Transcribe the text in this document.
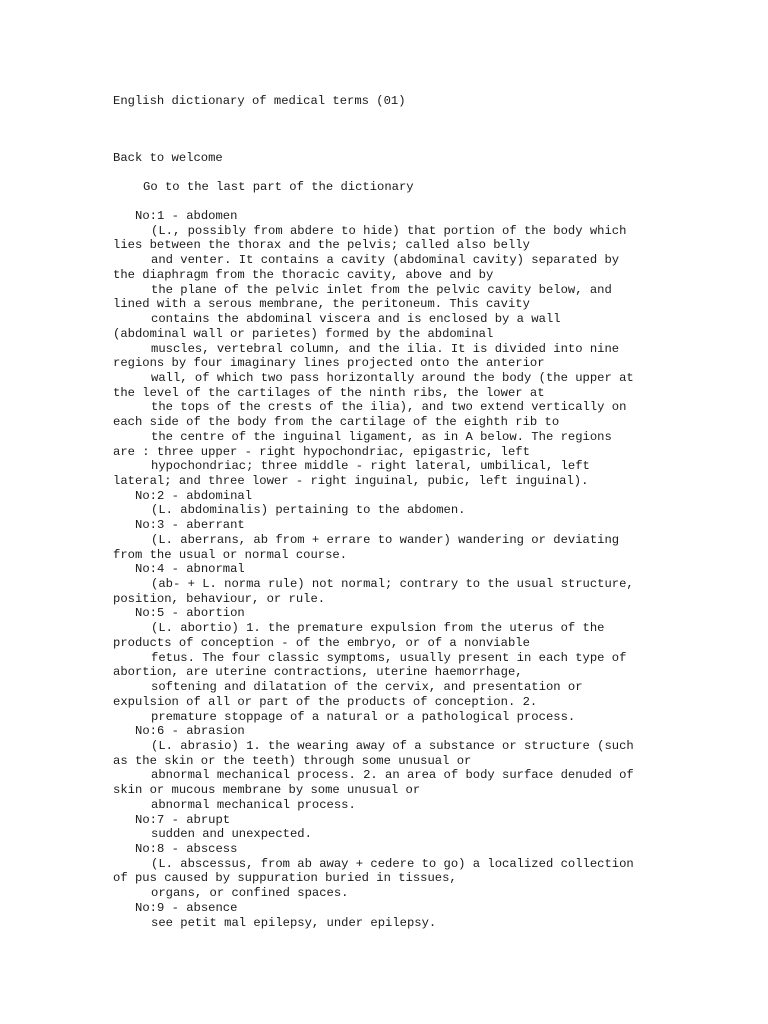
English dictionary of medical terms (01)
Back to welcome
Go to the last part of the dictionary
No:1 - abdomen
(L., possibly from abdere to hide) that portion of the body which
lies between the thorax and the pelvis; called also belly
and venter. It contains a cavity (abdominal cavity) separated by
the diaphragm from the thoracic cavity, above and by
the plane of the pelvic inlet from the pelvic cavity below, and
lined with a serous membrane, the peritoneum. This cavity
contains the abdominal viscera and is enclosed by a wall
(abdominal wall or parietes) formed by the abdominal
muscles, vertebral column, and the ilia. It is divided into nine
regions by four imaginary lines projected onto the anterior
wall, of which two pass horizontally around the body (the upper at
the level of the cartilages of the ninth ribs, the lower at
the tops of the crests of the ilia), and two extend vertically on
each side of the body from the cartilage of the eighth rib to
the centre of the inguinal ligament, as in A below. The regions
are : three upper - right hypochondriac, epigastric, left
hypochondriac; three middle - right lateral, umbilical, left
lateral; and three lower - right inguinal, pubic, left inguinal).
No:2 - abdominal
(L. abdominalis) pertaining to the abdomen.
No:3 - aberrant
(L. aberrans, ab from + errare to wander) wandering or deviating
from the usual or normal course.
No:4 - abnormal
(ab- + L. norma rule) not normal; contrary to the usual structure,
position, behaviour, or rule.
No:5 - abortion
(L. abortio) 1. the premature expulsion from the uterus of the
products of conception - of the embryo, or of a nonviable
fetus. The four classic symptoms, usually present in each type of
abortion, are uterine contractions, uterine haemorrhage,
softening and dilatation of the cervix, and presentation or
expulsion of all or part of the products of conception. 2.
premature stoppage of a natural or a pathological process.
No:6 - abrasion
(L. abrasio) 1. the wearing away of a substance or structure (such
as the skin or the teeth) through some unusual or
abnormal mechanical process. 2. an area of body surface denuded of
skin or mucous membrane by some unusual or
abnormal mechanical process.
No:7 - abrupt
sudden and unexpected.
No:8 - abscess
(L. abscessus, from ab away + cedere to go) a localized collection
of pus caused by suppuration buried in tissues,
organs, or confined spaces.
No:9 - absence
see petit mal epilepsy, under epilepsy.
